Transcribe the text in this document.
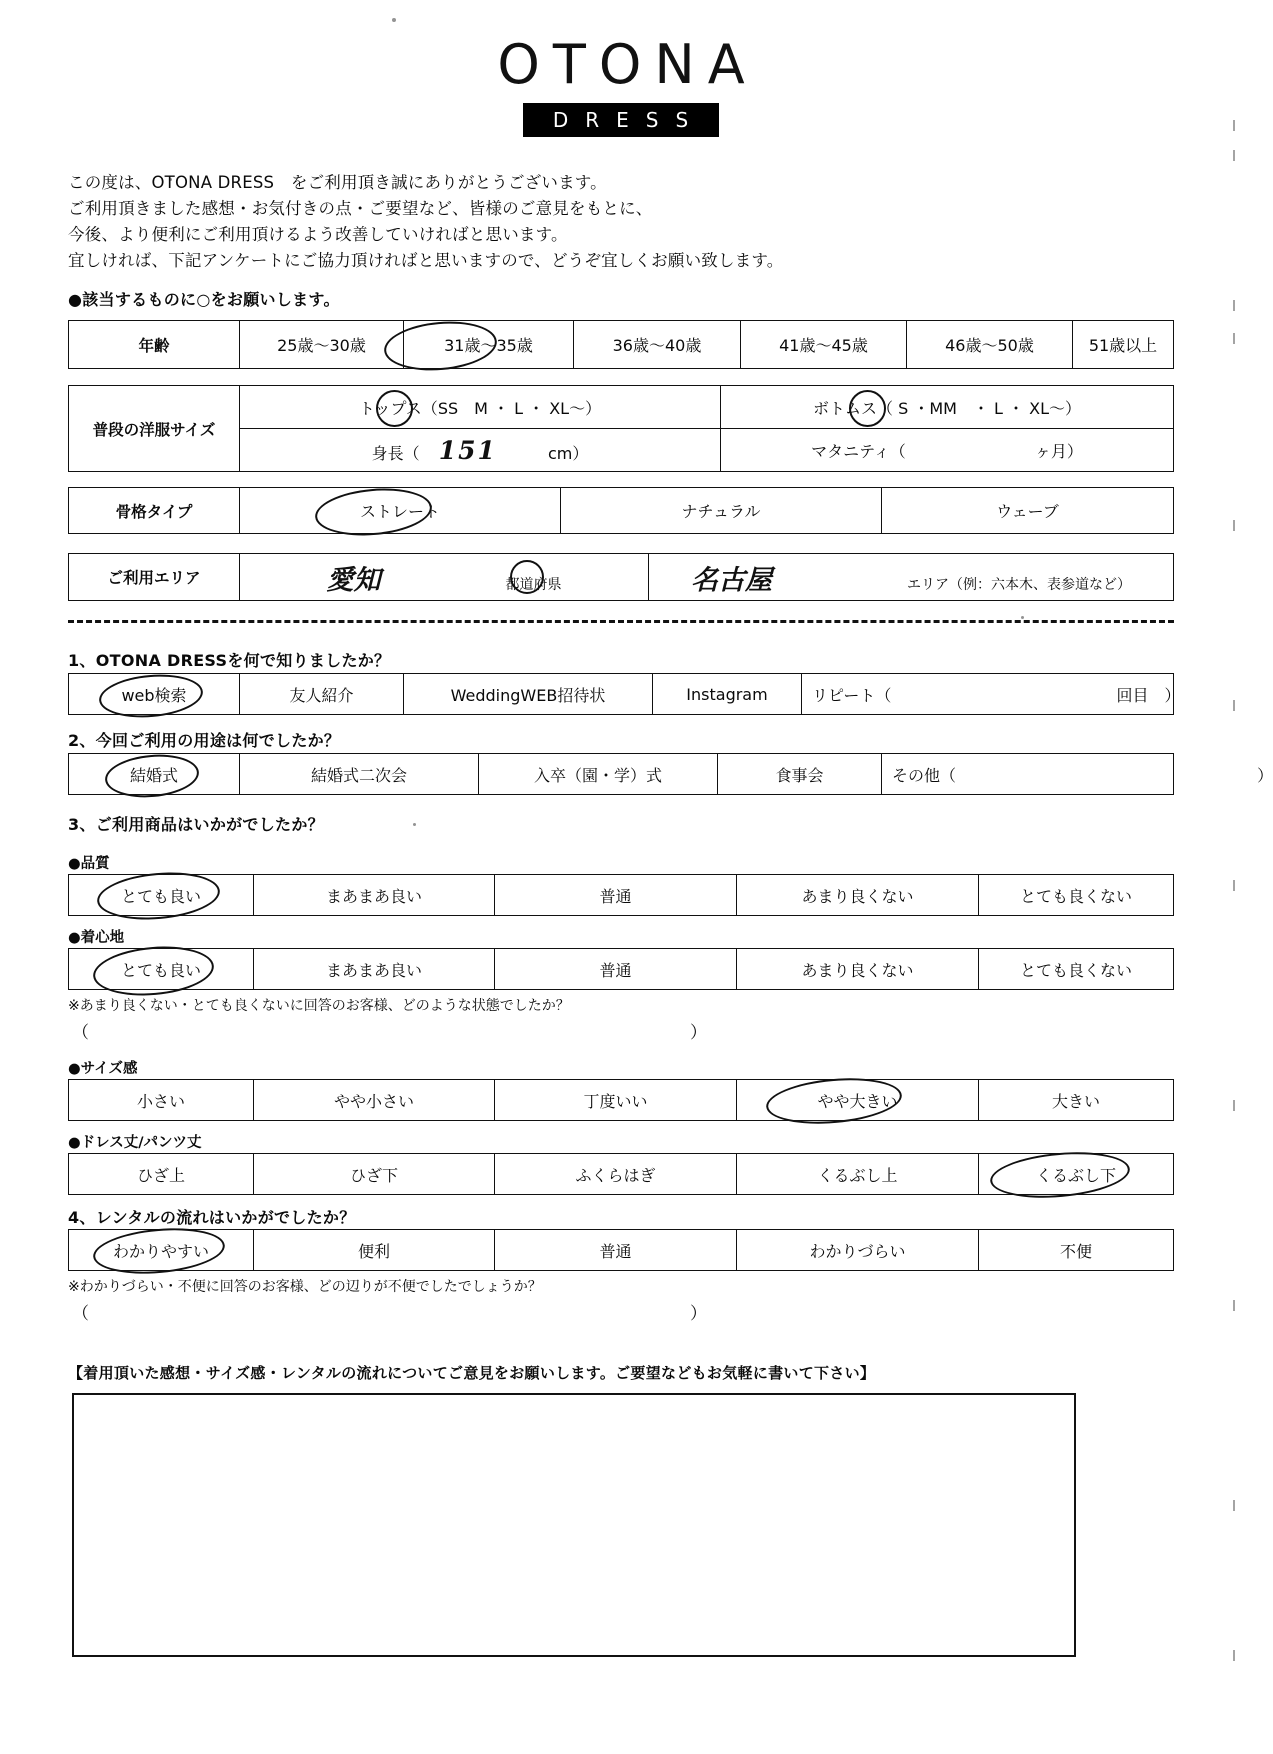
OTONA
DRESS
この度は、OTONA DRESS　をご利用頂き誠にありがとうございます。
ご利用頂きました感想・お気付きの点・ご要望など、皆様のご意見をもとに、
今後、より便利にご利用頂けるよう改善していければと思います。
宜しければ、下記アンケートにご協力頂ければと思いますので、どうぞ宜しくお願い致します。
●該当するものに○をお願いします。
年齢	25歳～30歳	31歳～35歳	36歳～40歳	41歳～45歳	46歳～50歳	51歳以上
普段の洋服サイズ	トップス（SS　M ・ L ・ XL～）	ボトムス（ S ・MM　・ L ・ XL～）
	身長（ 151 cm）	マタニティ（ ヶ月）
骨格タイプ	ストレート	ナチュラル	ウェーブ
ご利用エリア	愛知	都道府県	名古屋	エリア（例：六本木、表参道など）
1、OTONA DRESSを何で知りましたか？
web検索	友人紹介	WeddingWEB招待状	Instagram	リピート（	回目　）
2、今回ご利用の用途は何でしたか？
結婚式	結婚式二次会	入卒（園・学）式	食事会	その他（	）
3、ご利用商品はいかがでしたか？
●品質
とても良い	まあまあ良い	普通	あまり良くない	とても良くない
●着心地
とても良い	まあまあ良い	普通	あまり良くない	とても良くない
※あまり良くない・とても良くないに回答のお客様、どのような状態でしたか？
（	）
●サイズ感
小さい	やや小さい	丁度いい	やや大きい	大きい
●ドレス丈/パンツ丈
ひざ上	ひざ下	ふくらはぎ	くるぶし上	くるぶし下
4、レンタルの流れはいかがでしたか？
わかりやすい	便利	普通	わかりづらい	不便
※わかりづらい・不便に回答のお客様、どの辺りが不便でしたでしょうか？
（	）
【着用頂いた感想・サイズ感・レンタルの流れについてご意見をお願いします。ご要望などもお気軽に書いて下さい】
